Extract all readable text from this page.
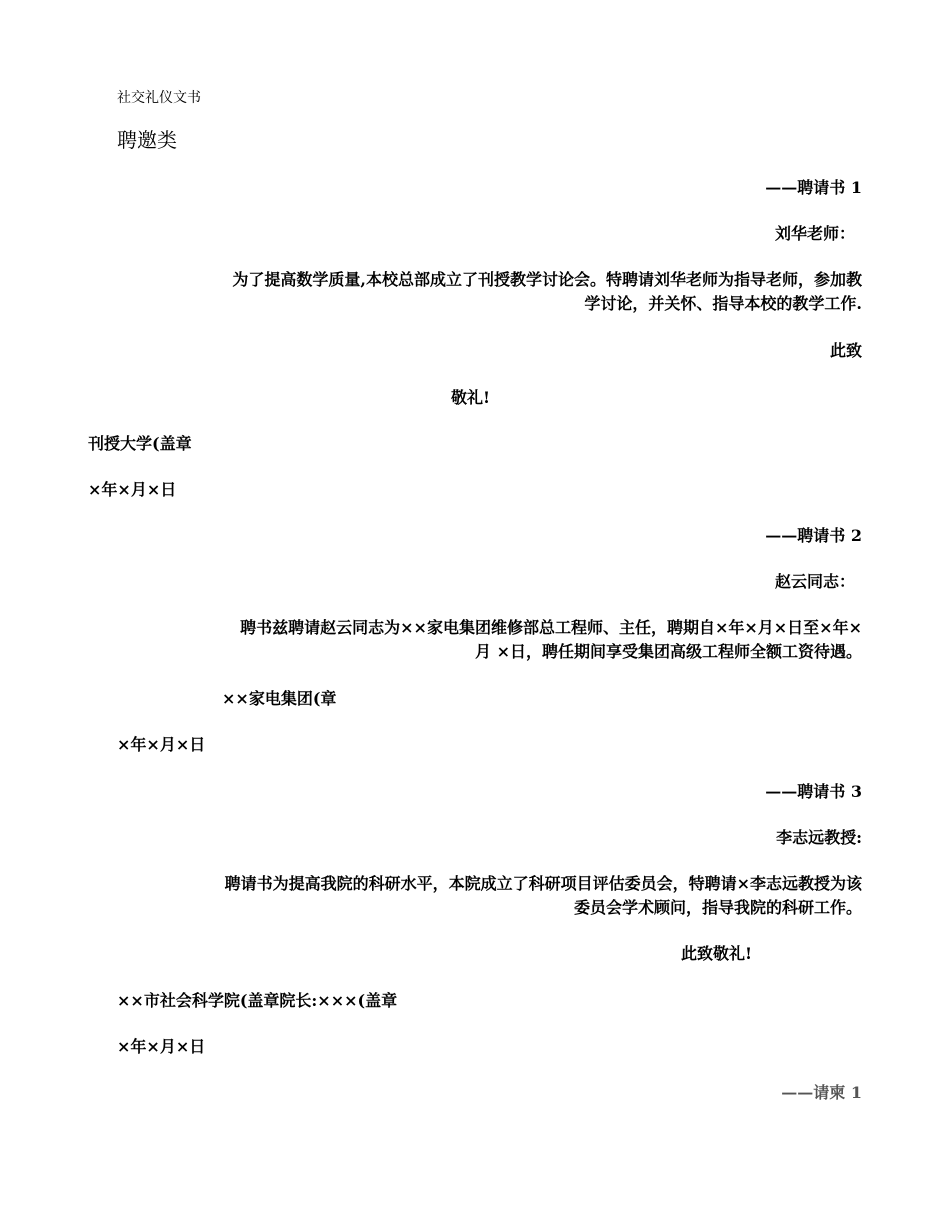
社交礼仪文书
聘邀类
——聘请书 1
刘华老师：
为了提高数学质量,本校总部成立了刊授教学讨论会。特聘请刘华老师为指导老师，参加教
学讨论，并关怀、指导本校的教学工作.
此致
敬礼!
刊授大学(盖章
×年×月×日
——聘请书 2
赵云同志：
聘书兹聘请赵云同志为××家电集团维修部总工程师、主任，聘期自×年×月×日至×年×
月 ×日，聘任期间享受集团高级工程师全额工资待遇。
××家电集团(章
×年×月×日
——聘请书 3
李志远教授:
聘请书为提高我院的科研水平，本院成立了科研项目评估委员会，特聘请×李志远教授为该
委员会学术顾问，指导我院的科研工作。
此致敬礼!
××市社会科学院(盖章院长:×××(盖章
×年×月×日
——请柬 1
